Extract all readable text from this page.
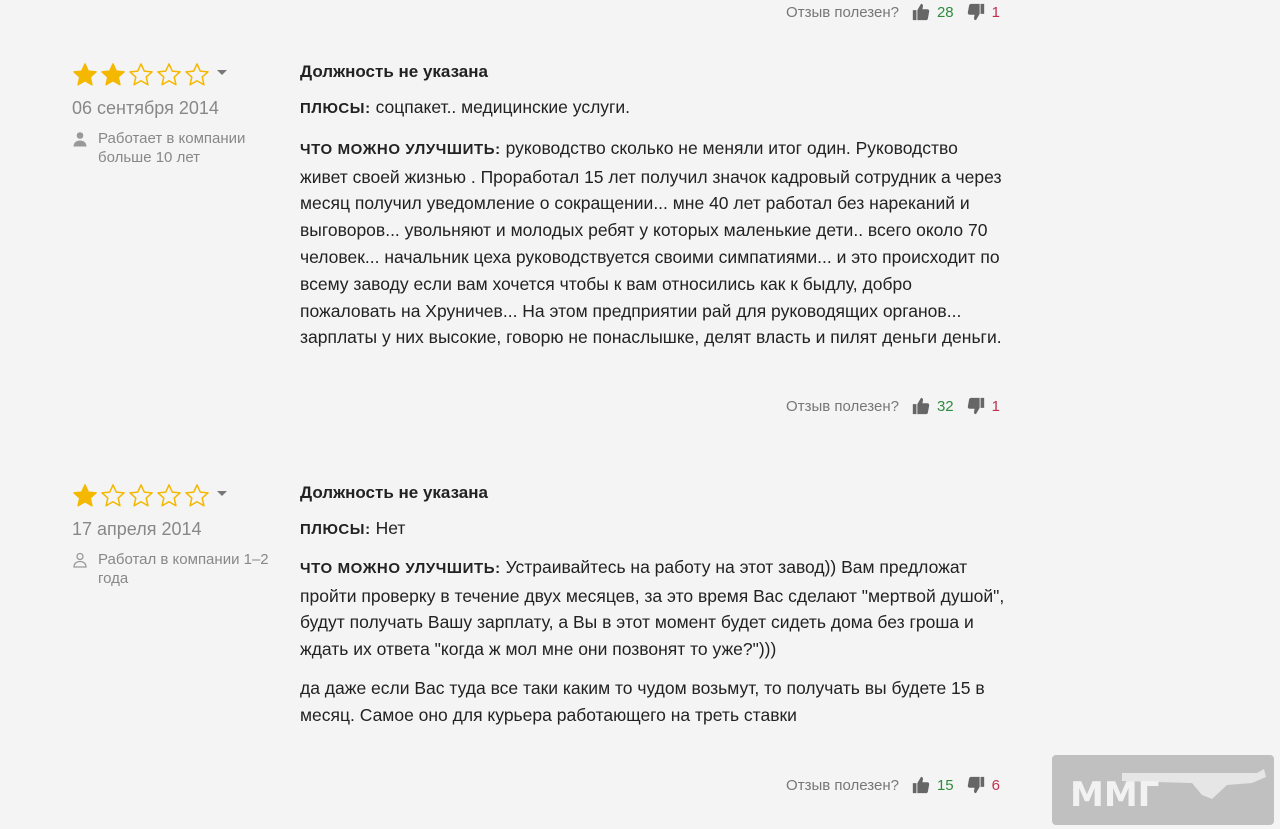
Отзыв полезен?	28	1
06 сентября 2014
Работает в компании больше 10 лет
Должность не указана
ПЛЮСЫ: соцпакет.. медицинские услуги.
ЧТО МОЖНО УЛУЧШИТЬ: руководство сколько не меняли итог один. Руководство живет своей жизнью . Проработал 15 лет получил значок кадровый сотрудник а через месяц получил уведомление о сокращении... мне 40 лет работал без нареканий и выговоров... увольняют и молодых ребят у которых маленькие дети.. всего около 70 человек... начальник цеха руководствуется своими симпатиями... и это происходит по всему заводу если вам хочется чтобы к вам относились как к быдлу, добро пожаловать на Хруничев... На этом предприятии рай для руководящих органов... зарплаты у них высокие, говорю не понаслышке, делят власть и пилят деньги деньги.
Отзыв полезен?	32	1
17 апреля 2014
Работал в компании 1–2 года
Должность не указана
ПЛЮСЫ: Нет
ЧТО МОЖНО УЛУЧШИТЬ: Устраивайтесь на работу на этот завод)) Вам предложат пройти проверку в течение двух месяцев, за это время Вас сделают "мертвой душой", будут получать Вашу зарплату, а Вы в этот момент будет сидеть дома без гроша и ждать их ответа "когда ж мол мне они позвонят то уже?")))
да даже если Вас туда все таки каким то чудом возьмут, то получать вы будете 15 в месяц. Самое оно для курьера работающего на треть ставки
Отзыв полезен?	15	6 ММГ
